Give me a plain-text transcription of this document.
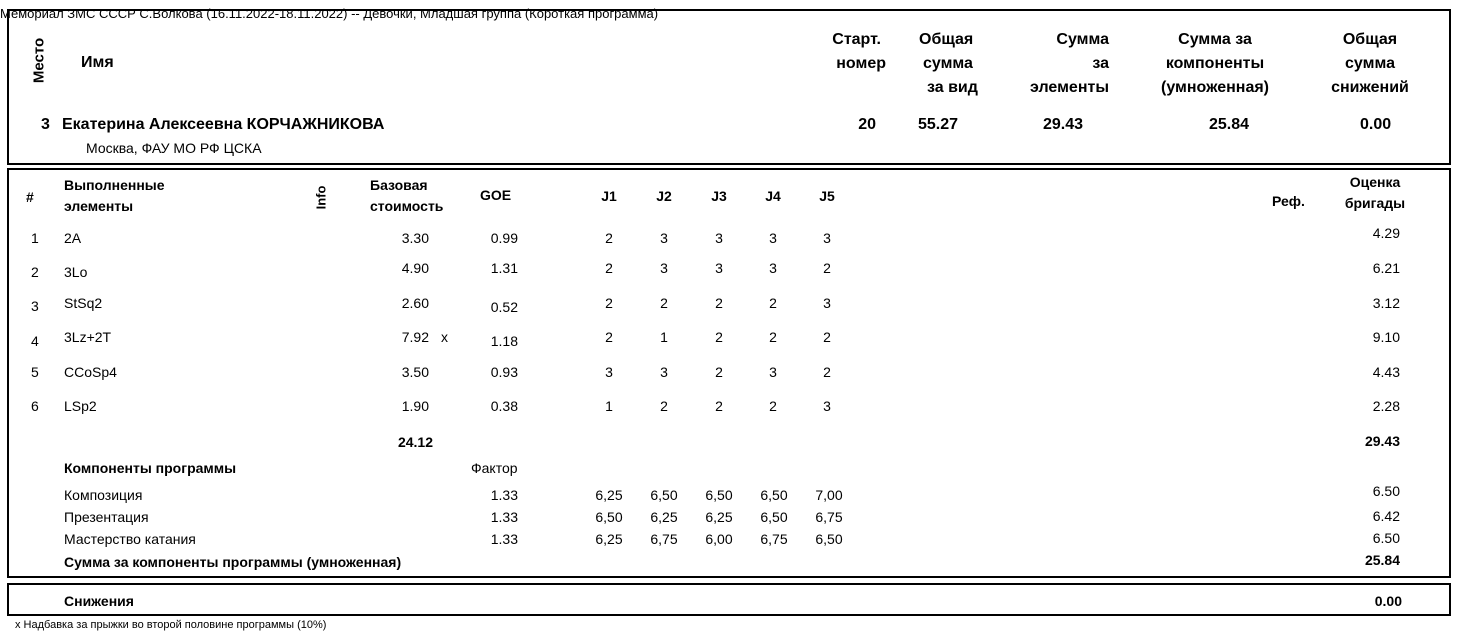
Мемориал ЗМС СССР С.Волкова (16.11.2022-18.11.2022) -- Девочки, Младшая группа (Короткая программа)
Место Имя
Старт.
номер
Общая
сумма
за вид
Сумма
за
элементы
Сумма за
компоненты
(умноженная)
Общая
сумма
снижений
3 Екатерина Алексеевна КОРЧАЖНИКОВА
Москва, ФАУ МО РФ ЦСКА
20	55.27	29.43	25.84	0.00
#
Выполненные
элементы	Info
Базовая
стоимость
GOE	J1	J2	J3	J4	J5	Реф.
Оценка
бригады
1 2A	3.30	0.99	2	3	3	3	3	4.29
2 3Lo	4.90	1.31	2	3	3	3	2	6.21
3 StSq2	2.60	0.52	2	2	2	2	3	3.12
4 3Lz+2T	7.92 x	1.18	2	1	2	2	2	9.10
5 CCoSp4	3.50	0.93	3	3	2	3	2	4.43
6 LSp2	1.90	0.38	1	2	2	2	3	2.28
24.12	29.43
Компоненты программы	Фактор
Композиция	1.33	6,25	6,50	6,50	6,50	7,00	6.50
Презентация	1.33	6,50	6,25	6,25	6,50	6,75	6.42
Мастерство катания	1.33	6,25	6,75	6,00	6,75	6,50	6.50
Сумма за компоненты программы (умноженная)	25.84
Снижения	0.00
x Надбавка за прыжки во второй половине программы (10%)
